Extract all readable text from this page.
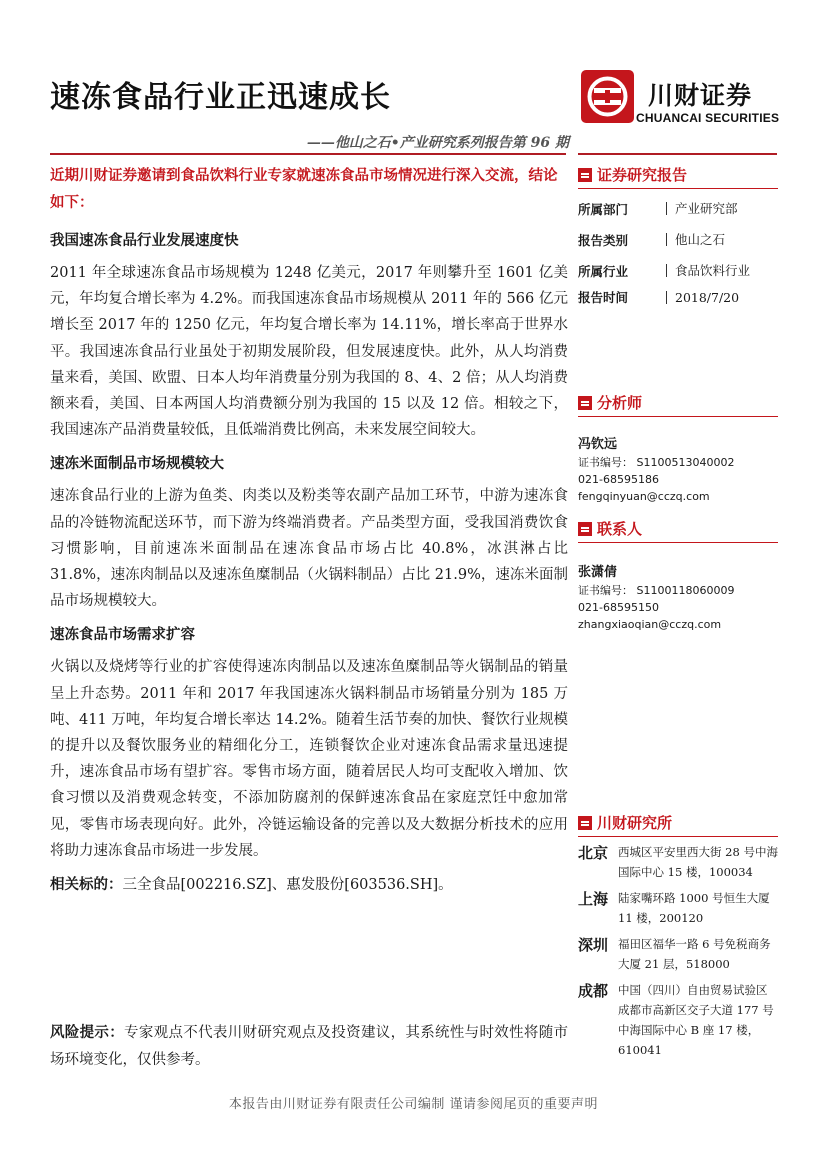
速冻食品行业正迅速成长	川财证券
CHUANCAI SECURITIES
——他山之石•产业研究系列报告第 96 期
近期川财证券邀请到食品饮料行业专家就速冻食品市场情况进行深入交流，结论如下：
我国速冻食品行业发展速度快
2011 年全球速冻食品市场规模为 1248 亿美元，2017 年则攀升至 1601 亿美元，年均复合增长率为 4.2%。而我国速冻食品市场规模从 2011 年的 566 亿元增长至 2017 年的 1250 亿元，年均复合增长率为 14.11%，增长率高于世界水平。我国速冻食品行业虽处于初期发展阶段，但发展速度快。此外，从人均消费量来看，美国、欧盟、日本人均年消费量分别为我国的 8、4、2 倍；从人均消费额来看，美国、日本两国人均消费额分别为我国的 15 以及 12 倍。相较之下，我国速冻产品消费量较低，且低端消费比例高，未来发展空间较大。
速冻米面制品市场规模较大
速冻食品行业的上游为鱼类、肉类以及粉类等农副产品加工环节，中游为速冻食品的冷链物流配送环节，而下游为终端消费者。产品类型方面，受我国消费饮食习惯影响，目前速冻米面制品在速冻食品市场占比 40.8%，冰淇淋占比 31.8%，速冻肉制品以及速冻鱼糜制品（火锅料制品）占比 21.9%，速冻米面制品市场规模较大。
速冻食品市场需求扩容
火锅以及烧烤等行业的扩容使得速冻肉制品以及速冻鱼糜制品等火锅制品的销量呈上升态势。2011 年和 2017 年我国速冻火锅料制品市场销量分别为 185 万吨、411 万吨，年均复合增长率达 14.2%。随着生活节奏的加快、餐饮行业规模的提升以及餐饮服务业的精细化分工，连锁餐饮企业对速冻食品需求量迅速提升，速冻食品市场有望扩容。零售市场方面，随着居民人均可支配收入增加、饮食习惯以及消费观念转变，不添加防腐剂的保鲜速冻食品在家庭烹饪中愈加常见，零售市场表现向好。此外，冷链运输设备的完善以及大数据分析技术的应用将助力速冻食品市场进一步发展。
相关标的：三全食品[002216.SZ]、惠发股份[603536.SH]。
风险提示：专家观点不代表川财研究观点及投资建议，其系统性与时效性将随市场环境变化，仅供参考。
证券研究报告
所属部门	产业研究部
报告类别	他山之石
所属行业	食品饮料行业
报告时间	2018/7/20
分析师
冯钦远
证书编号： S1100513040002
021-68595186
fengqinyuan@cczq.com
联系人
张潇倩
证书编号： S1100118060009
021-68595150
zhangxiaoqian@cczq.com
川财研究所
北京 西城区平安里西大街 28 号中海国际中心 15 楼，100034
上海 陆家嘴环路 1000 号恒生大厦 11 楼，200120
深圳 福田区福华一路 6 号免税商务大厦 21 层，518000
成都 中国（四川）自由贸易试验区成都市高新区交子大道 177 号中海国际中心 B 座 17 楼，610041
本报告由川财证券有限责任公司编制 谨请参阅尾页的重要声明
